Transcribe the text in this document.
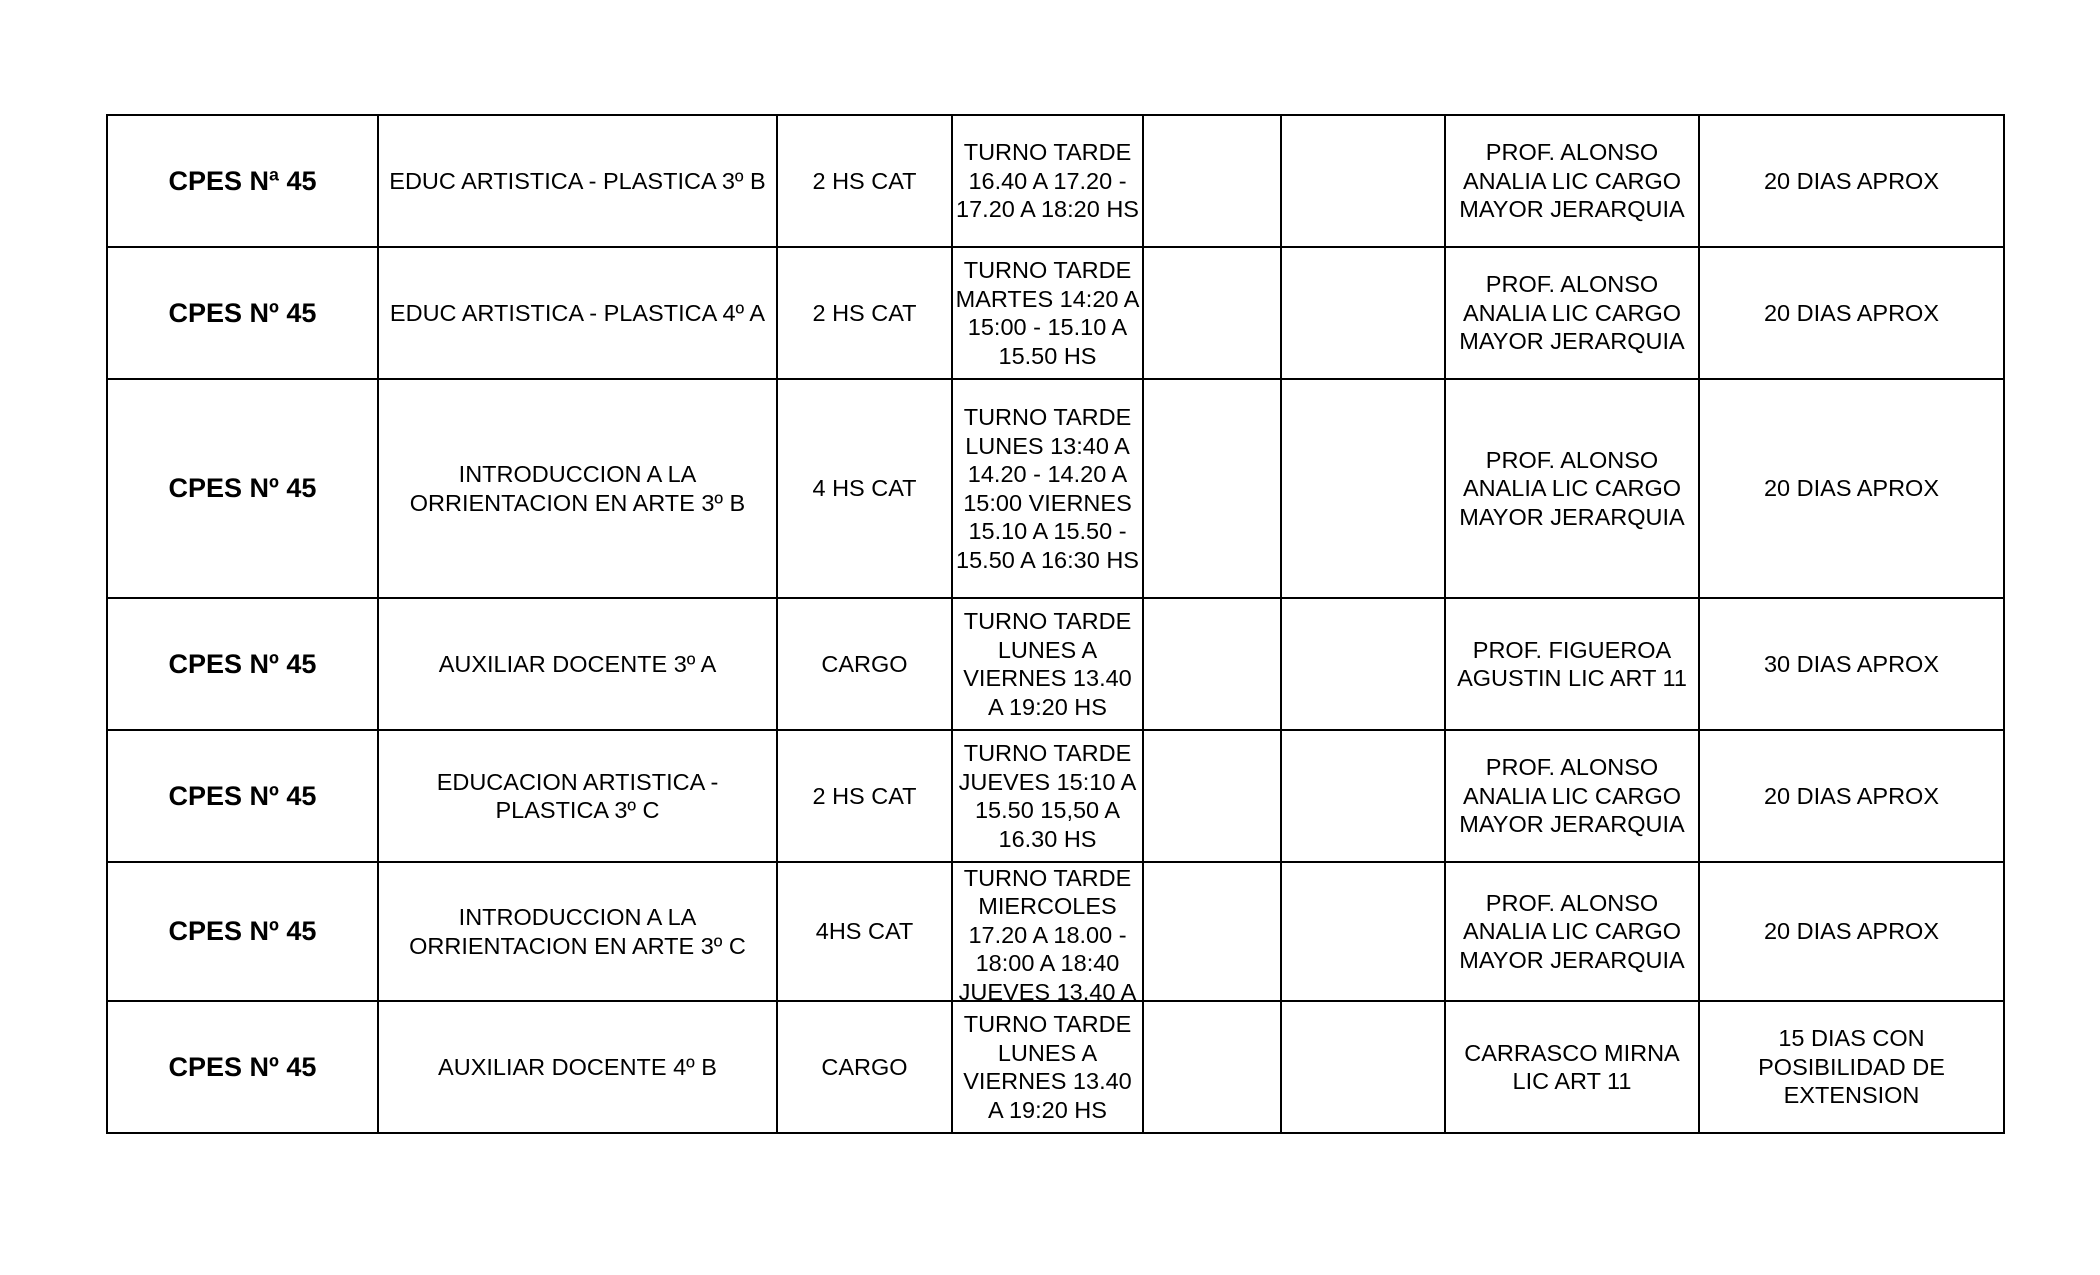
CPES Nª 45	EDUC ARTISTICA - PLASTICA 3º B	2 HS CAT	TURNO TARDE 16.40 A 17.20 - 17.20 A 18:20 HS			PROF. ALONSO ANALIA LIC CARGO MAYOR JERARQUIA	20 DIAS APROX
CPES Nº 45	EDUC ARTISTICA - PLASTICA 4º A	2 HS CAT	TURNO TARDE MARTES 14:20 A 15:00 - 15.10 A 15.50 HS			PROF. ALONSO ANALIA LIC CARGO MAYOR JERARQUIA	20 DIAS APROX
CPES Nº 45	INTRODUCCION A LA ORRIENTACION EN ARTE 3º B	4 HS CAT	TURNO TARDE LUNES 13:40 A 14.20 - 14.20 A 15:00 VIERNES 15.10 A 15.50 - 15.50 A 16:30 HS			PROF. ALONSO ANALIA LIC CARGO MAYOR JERARQUIA	20 DIAS APROX
CPES Nº 45	AUXILIAR DOCENTE 3º A	CARGO	TURNO TARDE LUNES A VIERNES 13.40 A 19:20 HS			PROF. FIGUEROA AGUSTIN LIC ART 11	30 DIAS APROX
CPES Nº 45	EDUCACION ARTISTICA - PLASTICA 3º C	2 HS CAT	TURNO TARDE JUEVES 15:10 A 15.50 15,50 A 16.30 HS			PROF. ALONSO ANALIA LIC CARGO MAYOR JERARQUIA	20 DIAS APROX
CPES Nº 45	INTRODUCCION A LA ORRIENTACION EN ARTE 3º C	4HS CAT	TURNO TARDE MIERCOLES 17.20 A 18.00 - 18:00 A 18:40 JUEVES 13.40 A			PROF. ALONSO ANALIA LIC CARGO MAYOR JERARQUIA	20 DIAS APROX
CPES Nº 45	AUXILIAR DOCENTE 4º B	CARGO	TURNO TARDE LUNES A VIERNES 13.40 A 19:20 HS			CARRASCO MIRNA LIC ART 11	15 DIAS CON POSIBILIDAD DE EXTENSION
